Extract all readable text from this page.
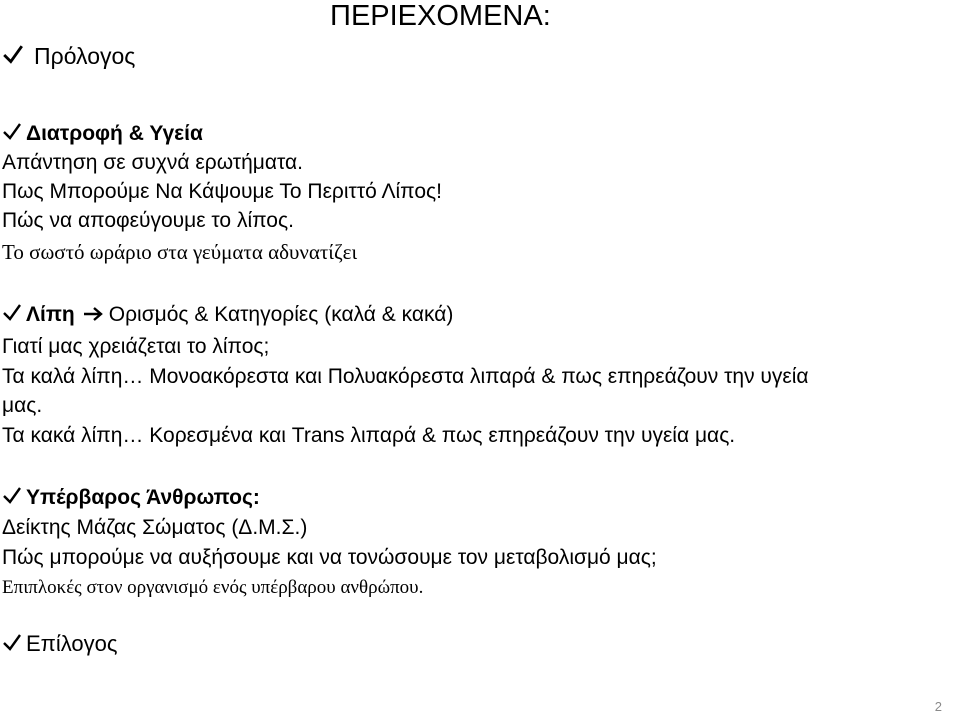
ΠΕΡΙΕΧΟΜΕΝΑ:
Πρόλογος
Διατροφή & Υγεία
Απάντηση σε συχνά ερωτήματα.
Πως Μπορούμε Να Κάψουμε Το Περιττό Λίπος!
Πώς να αποφεύγουμε το λίπος.
Το σωστό ωράριο στα γεύματα αδυνατίζει
Λίπη Ορισμός & Κατηγορίες (καλά & κακά)
Γιατί μας χρειάζεται το λίπος;
Τα καλά λίπη… Μονοακόρεστα και Πολυακόρεστα λιπαρά & πως επηρεάζουν την υγεία
μας.
Τα κακά λίπη… Κορεσμένα και Trans λιπαρά & πως επηρεάζουν την υγεία μας.
Υπέρβαρος Άνθρωπος:
Δείκτης Μάζας Σώματος (Δ.Μ.Σ.)
Πώς μπορούμε να αυξήσουμε και να τονώσουμε τον μεταβολισμό μας;
Επιπλοκές στον οργανισμό ενός υπέρβαρου ανθρώπου.
Επίλογος
2
